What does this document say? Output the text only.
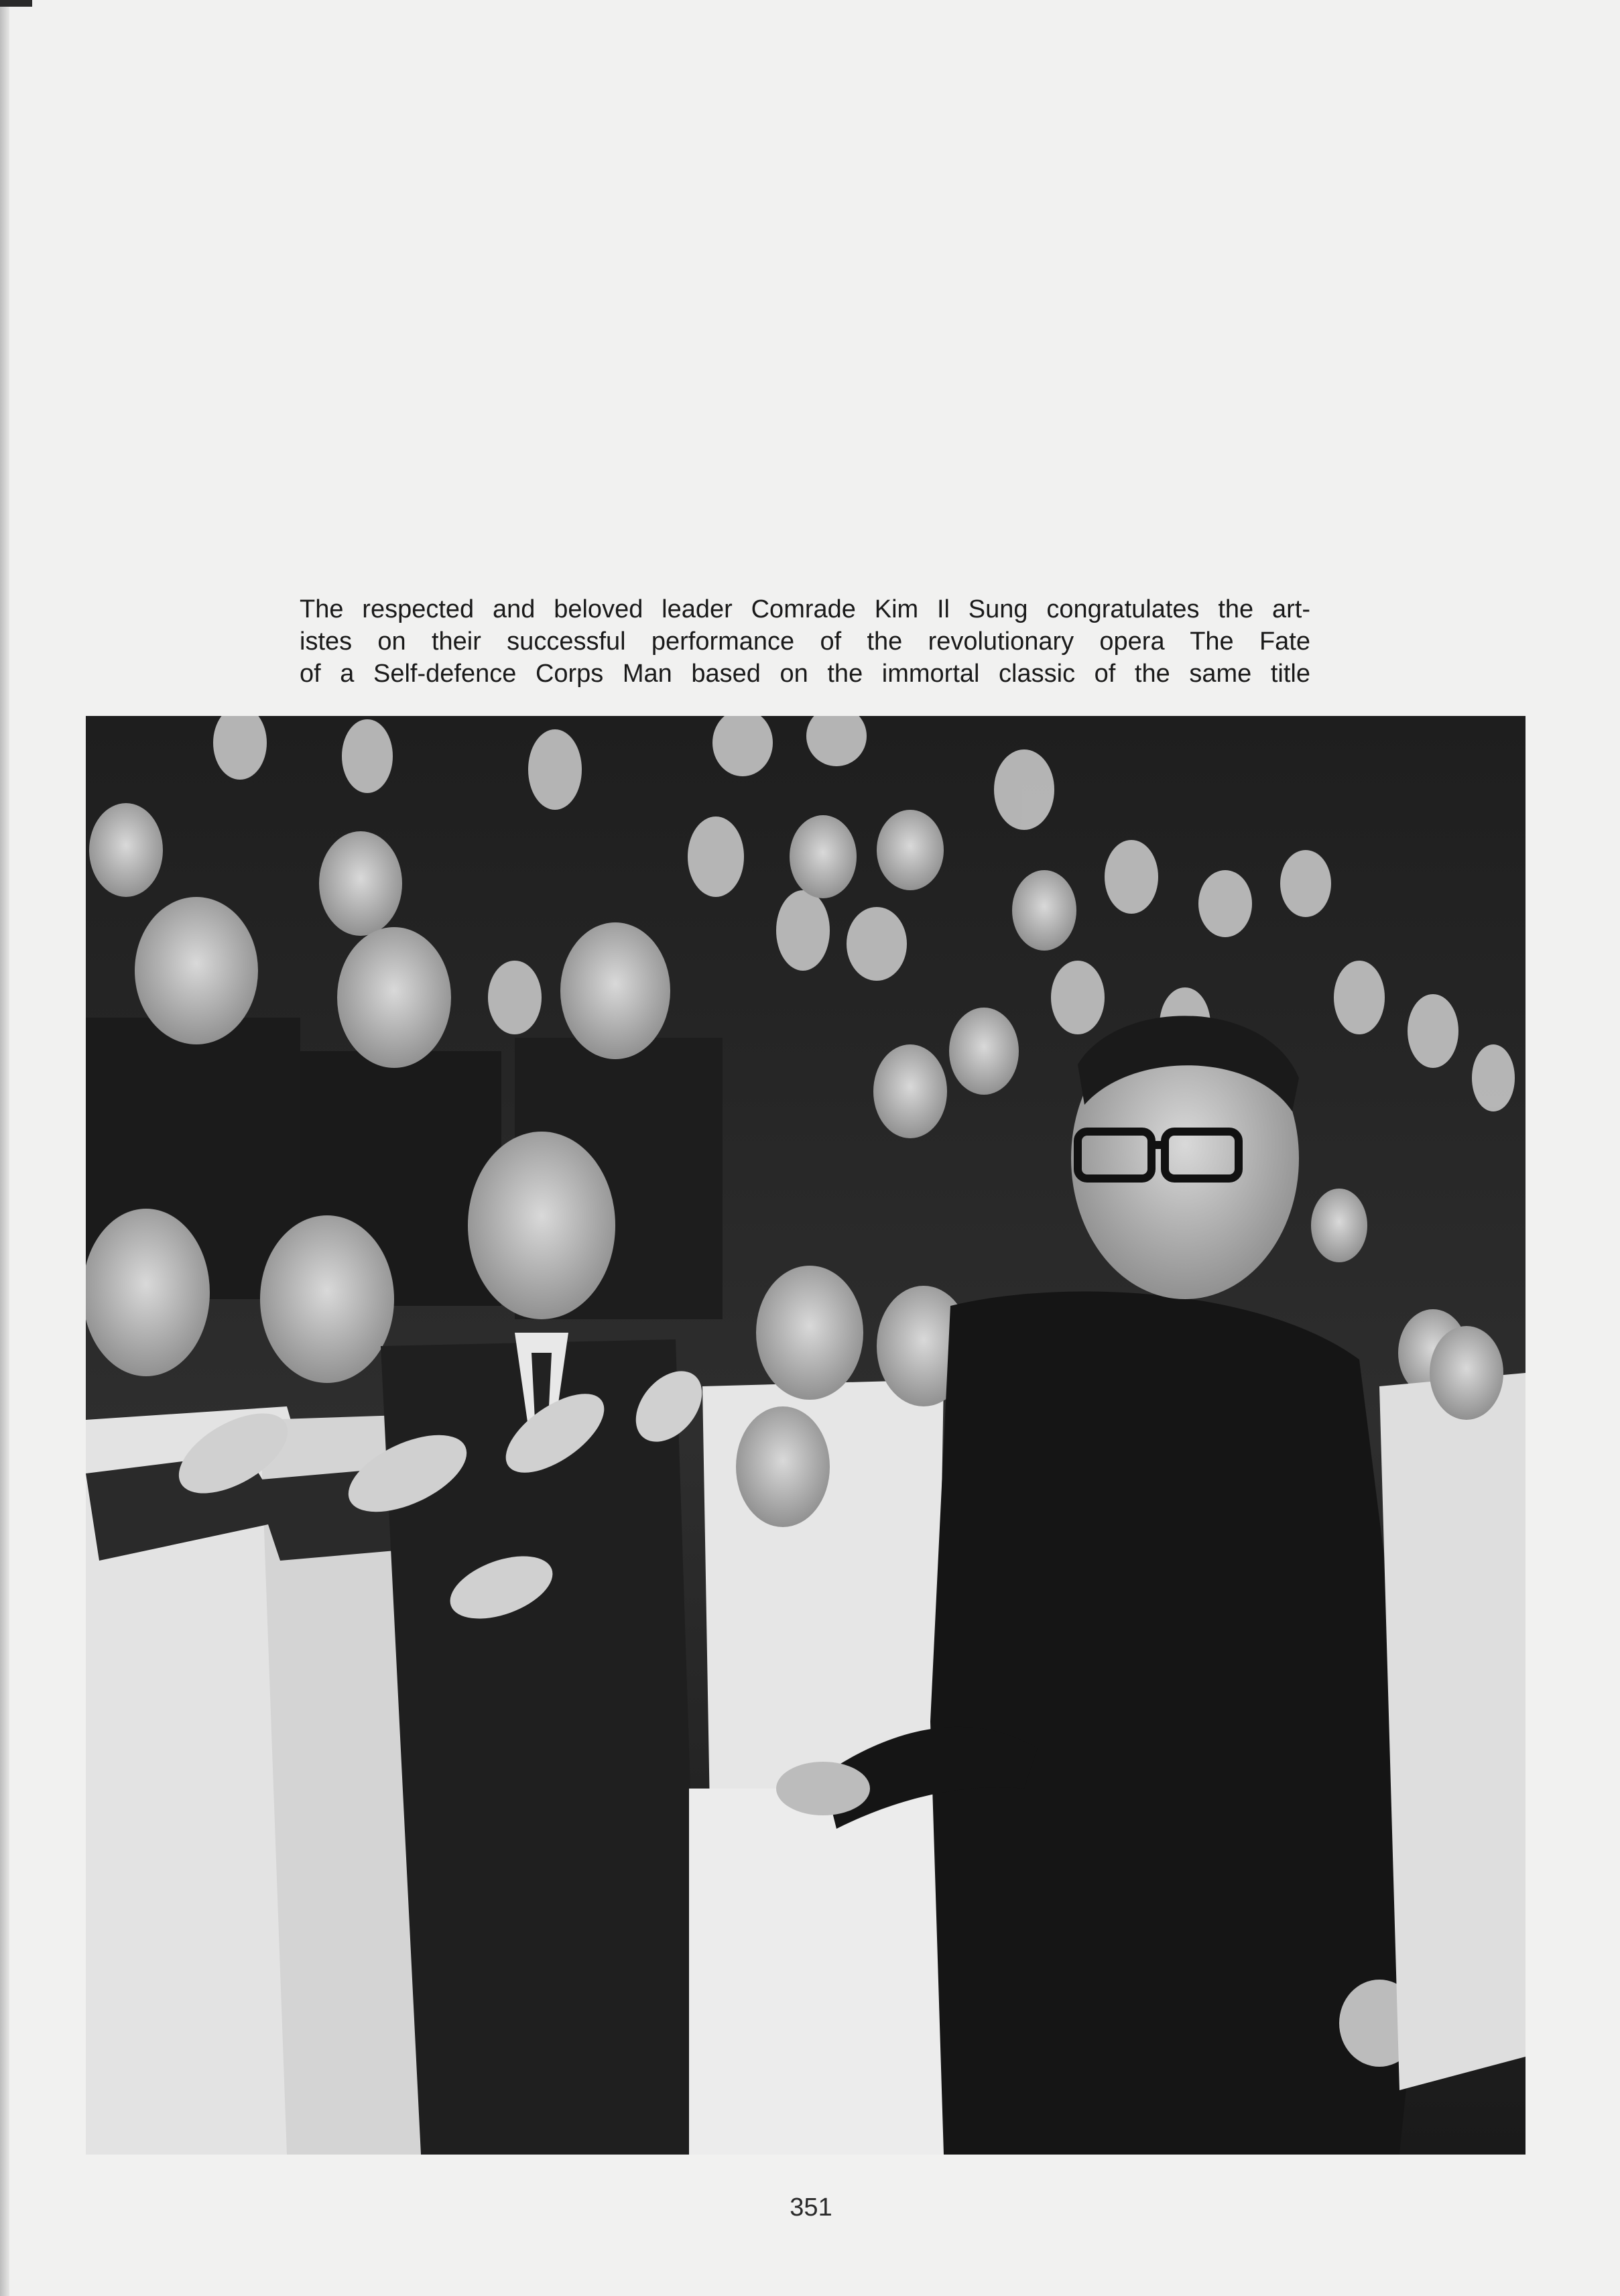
The respected and beloved leader Comrade Kim Il Sung congratulates the art-
istes on their successful performance of the revolutionary opera The Fate
of a Self-defence Corps Man based on the immortal classic of the same title
351
